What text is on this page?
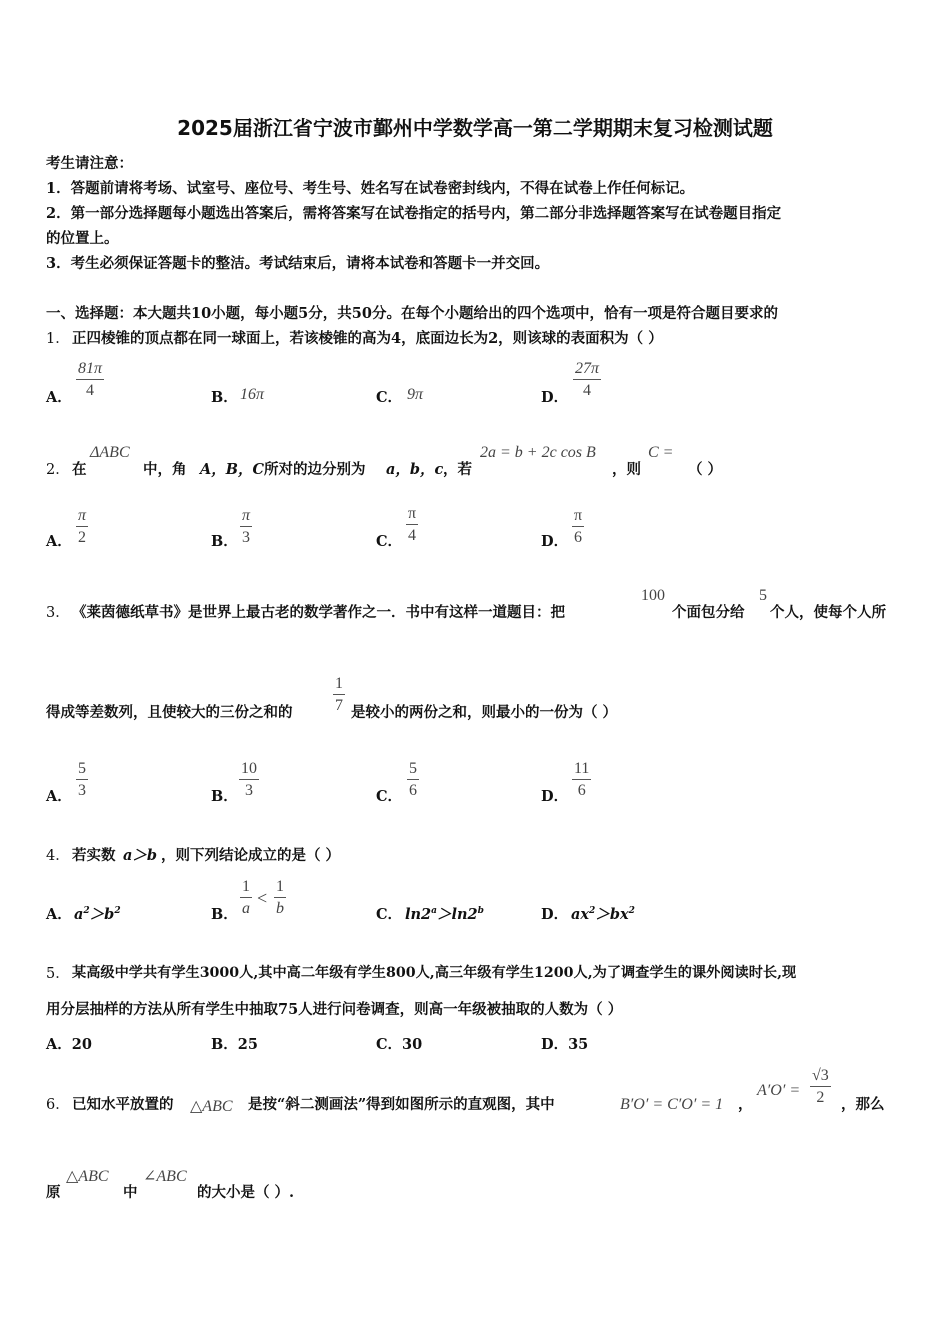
2025届浙江省宁波市鄞州中学数学高一第二学期期末复习检测试题
考生请注意：
1．答题前请将考场、试室号、座位号、考生号、姓名写在试卷密封线内，不得在试卷上作任何标记。
2．第一部分选择题每小题选出答案后，需将答案写在试卷指定的括号内，第二部分非选择题答案写在试卷题目指定
的位置上。
3．考生必须保证答题卡的整洁。考试结束后，请将本试卷和答题卡一并交回。
一、选择题：本大题共10小题，每小题5分，共50分。在每个小题给出的四个选项中，恰有一项是符合题目要求的
1． 正四棱锥的顶点都在同一球面上，若该棱锥的高为4，底面边长为2，则该球的表面积为（ ）
A．
81π
4	B． 16π	C． 9π	D．
27π
4
2． 在
ΔABC
中，角 A，B，C 所对的边分别为 a，b，c ，若
2a = b + 2c cos B
，则
C =
（ ）
A．
π
2	B．
π
3	C．
π
4	D．
π
6
3． 《莱茵德纸草书》是世界上最古老的数学著作之一．书中有这样一道题目：把
100
个面包分给
5
个人，使每个人所
得成等差数列，且使较大的三份之和的
1
7 是较小的两份之和，则最小的一份为（ ）
A．
5
3	B．
10
3	C．
5
6	D．
11
6
4． 若实数 a＞b ，则下列结论成立的是（ ）
A． $a^2>b^2$	B．
1
a
<
1
b	C． $\ln 2^a>\ln 2^b$	D． $ax^2>bx^2$
5． 某高级中学共有学生3000人,其中高二年级有学生800人,高三年级有学生1200人,为了调查学生的课外阅读时长,现
用分层抽样的方法从所有学生中抽取75人进行问卷调查，则高一年级被抽取的人数为（ ）
A．20	B．25	C．30	D．35
6． 已知水平放置的 △ABC 是按“斜二测画法”得到如图所示的直观图，其中	B′O′ = C′O′ = 1 ，
A′O′ =
√3
2 ，那么
原
△ABC
中
∠ABC
的大小是（ ）.
